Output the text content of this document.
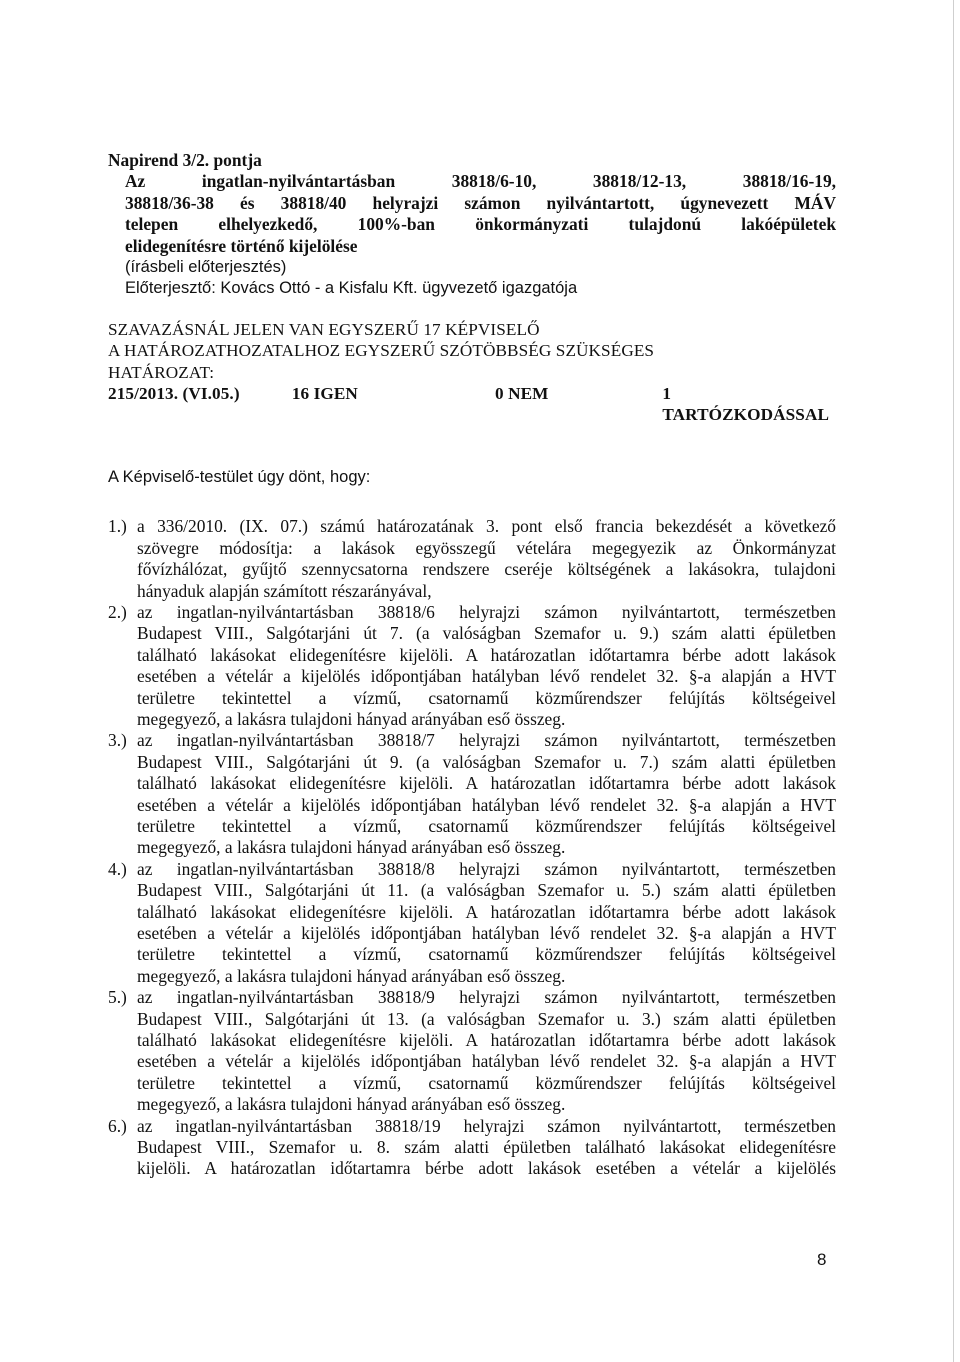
Napirend 3/2. pontja
Az ingatlan-nyilvántartásban 38818/6-10, 38818/12-13, 38818/16-19,
38818/36-38 és 38818/40 helyrajzi számon nyilvántartott, úgynevezett MÁV
telepen elhelyezkedő, 100%-ban önkormányzati tulajdonú lakóépületek
elidegenítésre történő kijelölése
(írásbeli előterjesztés)
Előterjesztő: Kovács Ottó - a Kisfalu Kft. ügyvezető igazgatója
SZAVAZÁSNÁL JELEN VAN EGYSZERŰ 17 KÉPVISELŐ
A HATÁROZATHOZATALHOZ EGYSZERŰ SZÓTÖBBSÉG SZÜKSÉGES
HATÁROZAT:
215/2013. (VI.05.)	16 IGEN	0 NEM	1 TARTÓZKODÁSSAL
A Képviselő-testület úgy dönt, hogy:
1.) a 336/2010. (IX. 07.) számú határozatának 3. pont első francia bekezdését a következő
szövegre módosítja: a lakások egyösszegű vételára megegyezik az Önkormányzat
fővízhálózat, gyűjtő szennycsatorna rendszere cseréje költségének a lakásokra, tulajdoni
hányaduk alapján számított részarányával,
2.) az ingatlan-nyilvántartásban 38818/6 helyrajzi számon nyilvántartott, természetben
Budapest VIII., Salgótarjáni út 7. (a valóságban Szemafor u. 9.) szám alatti épületben
található lakásokat elidegenítésre kijelöli. A határozatlan időtartamra bérbe adott lakások
esetében a vételár a kijelölés időpontjában hatályban lévő rendelet 32. §-a alapján a HVT
területre tekintettel a vízmű, csatornamű közműrendszer felújítás költségeivel
megegyező, a lakásra tulajdoni hányad arányában eső összeg.
3.) az ingatlan-nyilvántartásban 38818/7 helyrajzi számon nyilvántartott, természetben
Budapest VIII., Salgótarjáni út 9. (a valóságban Szemafor u. 7.) szám alatti épületben
található lakásokat elidegenítésre kijelöli. A határozatlan időtartamra bérbe adott lakások
esetében a vételár a kijelölés időpontjában hatályban lévő rendelet 32. §-a alapján a HVT
területre tekintettel a vízmű, csatornamű közműrendszer felújítás költségeivel
megegyező, a lakásra tulajdoni hányad arányában eső összeg.
4.) az ingatlan-nyilvántartásban 38818/8 helyrajzi számon nyilvántartott, természetben
Budapest VIII., Salgótarjáni út 11. (a valóságban Szemafor u. 5.) szám alatti épületben
található lakásokat elidegenítésre kijelöli. A határozatlan időtartamra bérbe adott lakások
esetében a vételár a kijelölés időpontjában hatályban lévő rendelet 32. §-a alapján a HVT
területre tekintettel a vízmű, csatornamű közműrendszer felújítás költségeivel
megegyező, a lakásra tulajdoni hányad arányában eső összeg.
5.) az ingatlan-nyilvántartásban 38818/9 helyrajzi számon nyilvántartott, természetben
Budapest VIII., Salgótarjáni út 13. (a valóságban Szemafor u. 3.) szám alatti épületben
található lakásokat elidegenítésre kijelöli. A határozatlan időtartamra bérbe adott lakások
esetében a vételár a kijelölés időpontjában hatályban lévő rendelet 32. §-a alapján a HVT
területre tekintettel a vízmű, csatornamű közműrendszer felújítás költségeivel
megegyező, a lakásra tulajdoni hányad arányában eső összeg.
6.) az ingatlan-nyilvántartásban 38818/19 helyrajzi számon nyilvántartott, természetben
Budapest VIII., Szemafor u. 8. szám alatti épületben található lakásokat elidegenítésre
kijelöli. A határozatlan időtartamra bérbe adott lakások esetében a vételár a kijelölés
8
